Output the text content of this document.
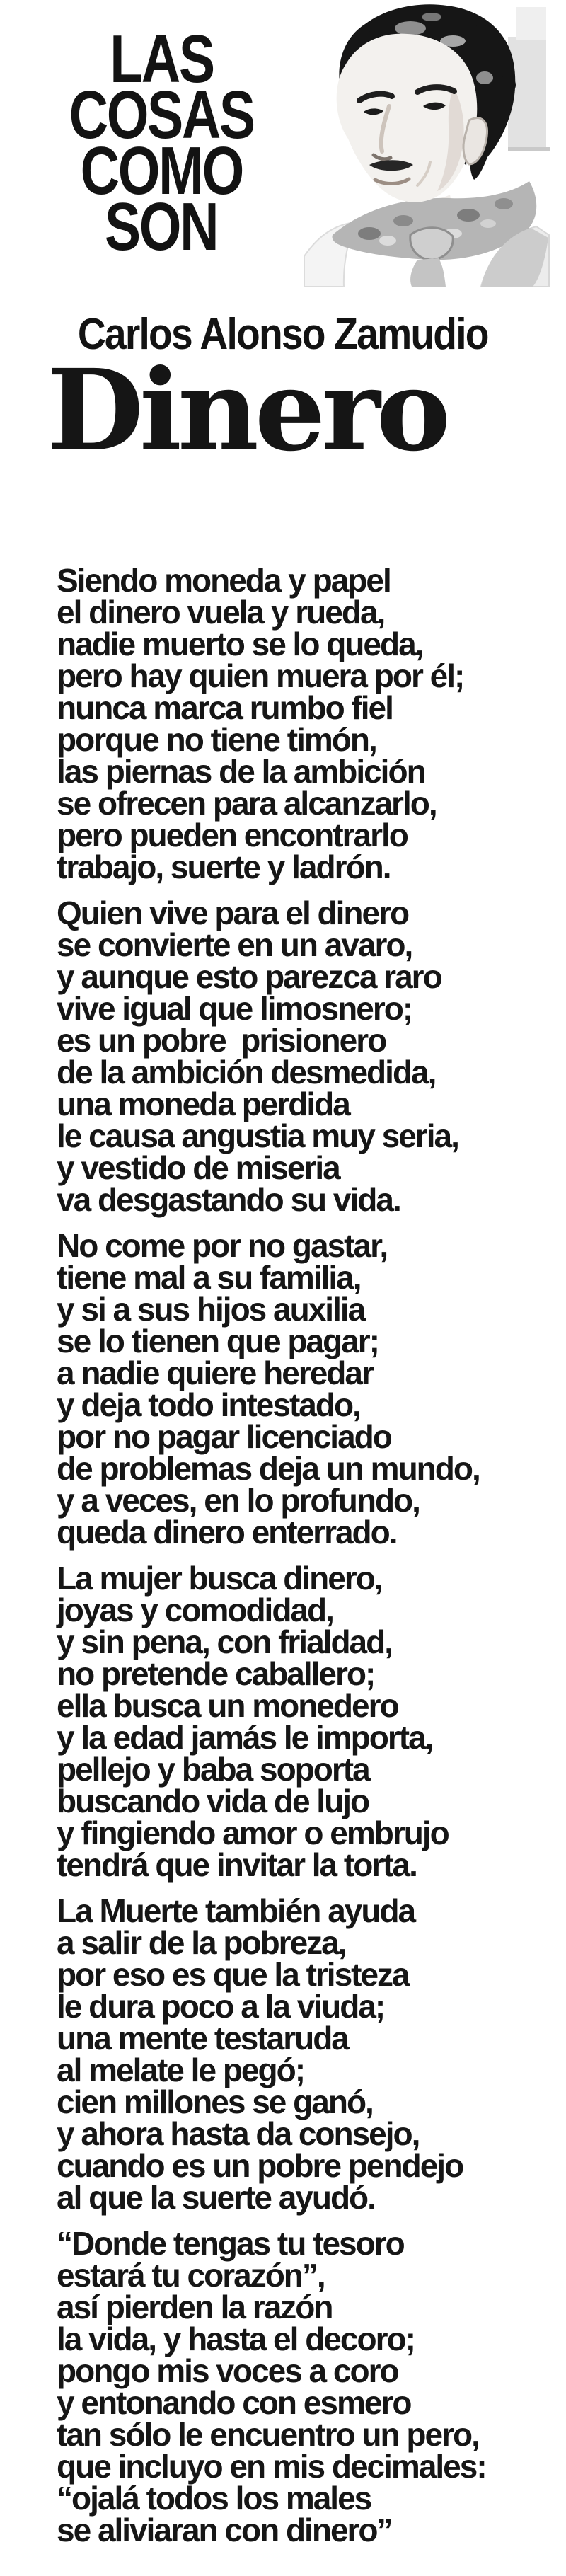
LAS
COSAS
COMO
SON
Carlos Alonso Zamudio
Dinero

Siendo moneda y papel
el dinero vuela y rueda,
nadie muerto se lo queda,
pero hay quien muera por él;
nunca marca rumbo fiel
porque no tiene timón,
las piernas de la ambición
se ofrecen para alcanzarlo,
pero pueden encontrarlo
trabajo, suerte y ladrón.

Quien vive para el dinero
se convierte en un avaro,
y aunque esto parezca raro
vive igual que limosnero;
es un pobre  prisionero
de la ambición desmedida,
una moneda perdida
le causa angustia muy seria,
y vestido de miseria
va desgastando su vida.

No come por no gastar,
tiene mal a su familia,
y si a sus hijos auxilia
se lo tienen que pagar;
a nadie quiere heredar
y deja todo intestado,
por no pagar licenciado
de problemas deja un mundo,
y a veces, en lo profundo,
queda dinero enterrado.

La mujer busca dinero,
joyas y comodidad,
y sin pena, con frialdad,
no pretende caballero;
ella busca un monedero
y la edad jamás le importa,
pellejo y baba soporta
buscando vida de lujo
y fingiendo amor o embrujo
tendrá que invitar la torta.

La Muerte también ayuda
a salir de la pobreza,
por eso es que la tristeza
le dura poco a la viuda;
una mente testaruda
al melate le pegó;
cien millones se ganó,
y ahora hasta da consejo,
cuando es un pobre pendejo
al que la suerte ayudó.

“Donde tengas tu tesoro
estará tu corazón”,
así pierden la razón
la vida, y hasta el decoro;
pongo mis voces a coro
y entonando con esmero
tan sólo le encuentro un pero,
que incluyo en mis decimales:
“ojalá todos los males
se aliviaran con dinero”
